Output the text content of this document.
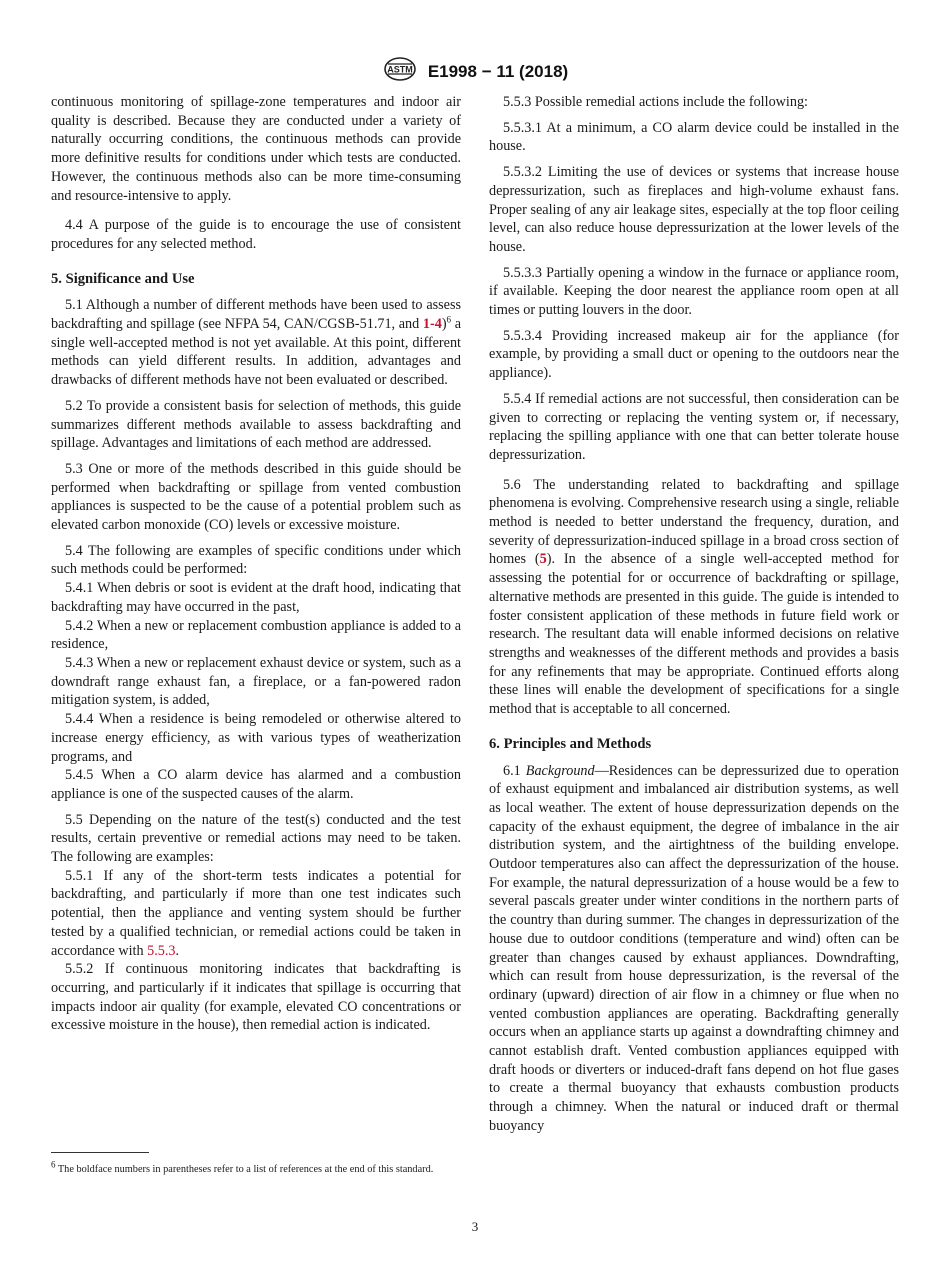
ASTM E1998 − 11 (2018)

continuous monitoring of spillage-zone temperatures and indoor air quality is described. Because they are conducted under a variety of naturally occurring conditions, the continuous methods can provide more definitive results for conditions under which tests are conducted. However, the continuous methods also can be more time-consuming and resource-intensive to apply.

4.4 A purpose of the guide is to encourage the use of consistent procedures for any selected method.

5. Significance and Use

5.1 Although a number of different methods have been used to assess backdrafting and spillage (see NFPA 54, CAN/CGSB-51.71, and 1-4)$^6$ a single well-accepted method is not yet available. At this point, different methods can yield different results. In addition, advantages and drawbacks of different methods have not been evaluated or described.

5.2 To provide a consistent basis for selection of methods, this guide summarizes different methods available to assess backdrafting and spillage. Advantages and limitations of each method are addressed.

5.3 One or more of the methods described in this guide should be performed when backdrafting or spillage from vented combustion appliances is suspected to be the cause of a potential problem such as elevated carbon monoxide (CO) levels or excessive moisture.

5.4 The following are examples of specific conditions under which such methods could be performed:

5.4.1 When debris or soot is evident at the draft hood, indicating that backdrafting may have occurred in the past,

5.4.2 When a new or replacement combustion appliance is added to a residence,

5.4.3 When a new or replacement exhaust device or system, such as a downdraft range exhaust fan, a fireplace, or a fan-powered radon mitigation system, is added,

5.4.4 When a residence is being remodeled or otherwise altered to increase energy efficiency, as with various types of weatherization programs, and

5.4.5 When a CO alarm device has alarmed and a combustion appliance is one of the suspected causes of the alarm.

5.5 Depending on the nature of the test(s) conducted and the test results, certain preventive or remedial actions may need to be taken. The following are examples:

5.5.1 If any of the short-term tests indicates a potential for backdrafting, and particularly if more than one test indicates such potential, then the appliance and venting system should be further tested by a qualified technician, or remedial actions could be taken in accordance with 5.5.3.

5.5.2 If continuous monitoring indicates that backdrafting is occurring, and particularly if it indicates that spillage is occurring that impacts indoor air quality (for example, elevated CO concentrations or excessive moisture in the house), then remedial action is indicated.

$^6$ The boldface numbers in parentheses refer to a list of references at the end of this standard.

5.5.3 Possible remedial actions include the following:

5.5.3.1 At a minimum, a CO alarm device could be installed in the house.

5.5.3.2 Limiting the use of devices or systems that increase house depressurization, such as fireplaces and high-volume exhaust fans. Proper sealing of any air leakage sites, especially at the top floor ceiling level, can also reduce house depressurization at the lower levels of the house.

5.5.3.3 Partially opening a window in the furnace or appliance room, if available. Keeping the door nearest the appliance room open at all times or putting louvers in the door.

5.5.3.4 Providing increased makeup air for the appliance (for example, by providing a small duct or opening to the outdoors near the appliance).

5.5.4 If remedial actions are not successful, then consideration can be given to correcting or replacing the venting system or, if necessary, replacing the spilling appliance with one that can better tolerate house depressurization.

5.6 The understanding related to backdrafting and spillage phenomena is evolving. Comprehensive research using a single, reliable method is needed to better understand the frequency, duration, and severity of depressurization-induced spillage in a broad cross section of homes (5). In the absence of a single well-accepted method for assessing the potential for or occurrence of backdrafting or spillage, alternative methods are presented in this guide. The guide is intended to foster consistent application of these methods in future field work or research. The resultant data will enable informed decisions on relative strengths and weaknesses of the different methods and provides a basis for any refinements that may be appropriate. Continued efforts along these lines will enable the development of specifications for a single method that is acceptable to all concerned.

6. Principles and Methods

6.1 Background—Residences can be depressurized due to operation of exhaust equipment and imbalanced air distribution systems, as well as local weather. The extent of house depressurization depends on the capacity of the exhaust equipment, the degree of imbalance in the air distribution system, and the airtightness of the building envelope. Outdoor temperatures also can affect the depressurization of the house. For example, the natural depressurization of a house would be a few to several pascals greater under winter conditions in the northern parts of the country than during summer. The changes in depressurization of the house due to outdoor conditions (temperature and wind) often can be greater than changes caused by exhaust appliances. Downdrafting, which can result from house depressurization, is the reversal of the ordinary (upward) direction of air flow in a chimney or flue when no vented combustion appliances are operating. Backdrafting generally occurs when an appliance starts up against a downdrafting chimney and cannot establish draft. Vented combustion appliances equipped with draft hoods or diverters or induced-draft fans depend on hot flue gases to create a thermal buoyancy that exhausts combustion products through a chimney. When the natural or induced draft or thermal buoyancy

3
